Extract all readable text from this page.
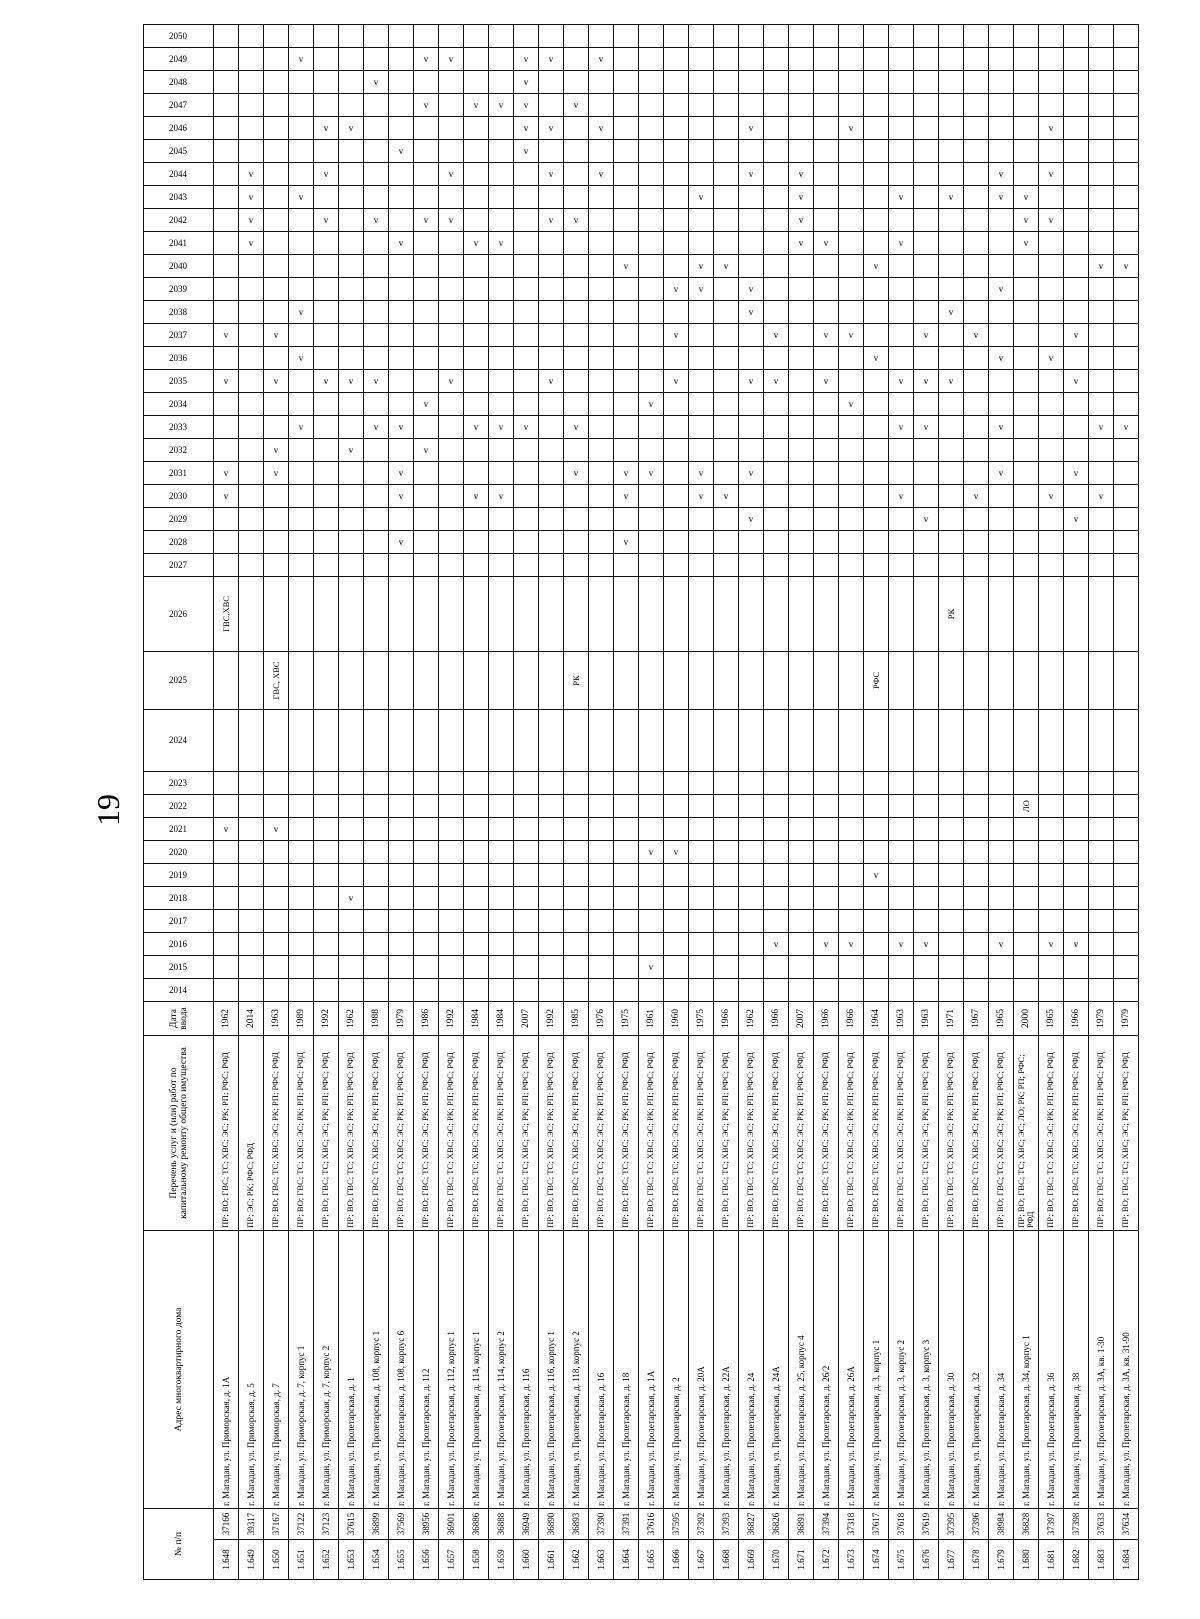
19
№ п/п		Адрес многоквартирного дома	Перечень услуг и (или) работ по капитальному ремонту общего имущества	Дата ввода	2014	2015	2016	2017	2018	2019	2020	2021	2022	2023	2024	2025	2026	2027	2028	2029	2030	2031	2032	2033	2034	2035	2036	2037	2038	2039	2040	2041	2042	2043	2044	2045	2046	2047	2048	2049	2050
1.648	37166	г. Магадан, ул. Приморская, д. 1А	ПР; ВО; ГВС; ТС; ХВС; ЭС; РК; РП; РФС; РФД	1962								v					ГВС,ХВС				v	v				v		v													
1.649	39317	г. Магадан, ул. Приморская, д. 5	ПР; ЭС; РК; РФС; РФД	2014																												v	v	v	v						
1.650	37167	г. Магадан, ул. Приморская, д. 7	ПР; ВО; ГВС; ТС; ХВС; ЭС; РК; РП; РФС; РФД	1963								v				ГВС, ХВС						v	v			v		v													
1.651	37122	г. Магадан, ул. Приморская, д. 7, корпус 1	ПР; ВО; ГВС; ТС; ХВС; ЭС; РК; РП; РФС; РФД	1989																				v			v		v					v						v	
1.652	37123	г. Магадан, ул. Приморская, д. 7, корпус 2	ПР; ВО; ГВС; ТС; ХВС; ЭС; РК; РП; РФС; РФД	1992																						v							v		v		v				
1.653	37615	г. Магадан, ул. Пролетарская, д. 1	ПР; ВО; ГВС; ТС; ХВС; ЭС; РК; РП; РФС; РФД	1962					v														v			v											v				
1.654	36899	г. Магадан, ул. Пролетарская, д. 108, корпус 1	ПР; ВО; ГВС; ТС; ХВС; ЭС; РК; РП; РФС; РФД	1988																				v		v							v						v		
1.655	37569	г. Магадан, ул. Пролетарская, д. 108, корпус 6	ПР; ВО; ГВС; ТС; ХВС; ЭС; РК; РП; РФС; РФД	1979															v		v	v		v								v				v					
1.656	38956	г. Магадан, ул. Пролетарская, д. 112	ПР; ВО; ГВС; ТС; ХВС; ЭС; РК; РП; РФС; РФД	1986																			v		v								v					v		v	
1.657	36901	г. Магадан, ул. Пролетарская, д. 112, корпус 1	ПР; ВО; ГВС; ТС; ХВС; ЭС; РК; РП; РФС; РФД	1992																						v							v		v					v	
1.658	36886	г. Магадан, ул. Пролетарская, д. 114, корпус 1	ПР; ВО; ГВС; ТС; ХВС; ЭС; РК; РП; РФС; РФД	1984																	v			v								v						v			
1.659	36888	г. Магадан, ул. Пролетарская, д. 114, корпус 2	ПР; ВО; ГВС; ТС; ХВС; ЭС; РК; РП; РФС; РФД	1984																	v			v								v						v			
1.660	36949	г. Магадан, ул. Пролетарская, д. 116	ПР; ВО; ГВС; ТС; ХВС; ЭС; РК; РП; РФС; РФД	2007																				v												v	v	v	v	v	
1.661	36890	г. Магадан, ул. Пролетарская, д. 116, корпус 1	ПР; ВО; ГВС; ТС; ХВС; ЭС; РК; РП; РФС; РФД	1992																						v							v		v		v			v	
1.662	36893	г. Магадан, ул. Пролетарская, д. 118, корпус 2	ПР; ВО; ГВС; ТС; ХВС; ЭС; РК; РП; РФС; РФД	1985												РК						v		v									v					v			
1.663	37390	г. Магадан, ул. Пролетарская, д. 16	ПР; ВО; ГВС; ТС; ХВС; ЭС; РК; РП; РФС; РФД	1976																															v		v			v	
1.664	37391	г. Магадан, ул. Пролетарская, д. 18	ПР; ВО; ГВС; ТС; ХВС; ЭС; РК; РП; РФС; РФД	1975															v		v	v									v										
1.665	37616	г. Магадан, ул. Пролетарская, д. 1А	ПР; ВО; ГВС; ТС; ХВС; ЭС; РК; РП; РФС; РФД	1961		v					v											v			v																
1.666	37595	г. Магадан, ул. Пролетарская, д. 2	ПР; ВО; ГВС; ТС; ХВС; ЭС; РК; РП; РФС; РФД	1960							v															v		v		v											
1.667	37392	г. Магадан, ул. Пролетарская, д. 20А	ПР; ВО; ГВС; ТС; ХВС; ЭС; РК; РП; РФС; РФД	1975																	v	v								v	v			v							
1.668	37393	г. Магадан, ул. Пролетарская, д. 22А	ПР; ВО; ГВС; ТС; ХВС; ЭС; РК; РП; РФС; РФД	1966																	v										v										
1.669	36827	г. Магадан, ул. Пролетарская, д. 24	ПР; ВО; ГВС; ТС; ХВС; ЭС; РК; РП; РФС; РФД	1962																v		v				v			v	v					v		v				
1.670	36826	г. Магадан, ул. Пролетарская, д. 24А	ПР; ВО; ГВС; ТС; ХВС; ЭС; РК; РП; РФС; РФД	1966			v																			v		v													
1.671	36891	г. Магадан, ул. Пролетарская, д. 25, корпус 4	ПР; ВО; ГВС; ТС; ХВС; ЭС; РК; РП; РФС; РФД	2007																												v	v	v	v						
1.672	37394	г. Магадан, ул. Пролетарская, д. 26/2	ПР; ВО; ГВС; ТС; ХВС; ЭС; РК; РП; РФС; РФД	1966			v																			v		v				v									
1.673	37318	г. Магадан, ул. Пролетарская, д. 26А	ПР; ВО; ГВС; ТС; ХВС; ЭС; РК; РП; РФС; РФД	1966			v																		v			v									v				
1.674	37617	г. Магадан, ул. Пролетарская, д. 3, корпус 1	ПР; ВО; ГВС; ТС; ХВС; ЭС; РК; РП; РФС; РФД	1964						v						РФС											v				v										
1.675	37618	г. Магадан, ул. Пролетарская, д. 3, корпус 2	ПР; ВО; ГВС; ТС; ХВС; ЭС; РК; РП; РФС; РФД	1963			v														v			v		v						v		v							
1.676	37619	г. Магадан, ул. Пролетарская, д. 3, корпус 3	ПР; ВО; ГВС; ТС; ХВС; ЭС; РК; РП; РФС; РФД	1963			v													v				v		v		v													
1.677	37395	г. Магадан, ул. Пролетарская, д. 30	ПР; ВО; ГВС; ТС; ХВС; ЭС; РК; РП; РФС; РФД	1971													РК									v			v					v							
1.678	37396	г. Магадан, ул. Пролетарская, д. 32	ПР; ВО; ГВС; ТС; ХВС; ЭС; РК; РП; РФС; РФД	1967																	v							v													
1.679	38984	г. Магадан, ул. Пролетарская, д. 34	ПР; ВО; ГВС; ТС; ХВС; ЭС; РК; РП; РФС; РФД	1965			v															v		v			v			v				v	v						
1.680	36828	г. Магадан, ул. Пролетарская, д. 34, корпус 1	ПР; ВО; ГВС; ТС; ХВС; ЭС; ЛО; РК; РП; РФС; РФД	2000									ЛО																			v	v	v							
1.681	37397	г. Магадан, ул. Пролетарская, д. 36	ПР; ВО; ГВС; ТС; ХВС; ЭС; РК; РП; РФС; РФД	1965			v														v						v						v		v		v				
1.682	37398	г. Магадан, ул. Пролетарская, д. 38	ПР; ВО; ГВС; ТС; ХВС; ЭС; РК; РП; РФС; РФД	1966			v													v		v				v		v													
1.683	37633	г. Магадан, ул. Пролетарская, д. 3А, кв. 1-30	ПР; ВО; ГВС; ТС; ХВС; ЭС; РК; РП; РФС; РФД	1979																	v			v							v										
1.684	37634	г. Магадан, ул. Пролетарская, д. 3А, кв. 31-90	ПР; ВО; ГВС; ТС; ХВС; ЭС; РК; РП; РФС; РФД	1979																				v							v										
